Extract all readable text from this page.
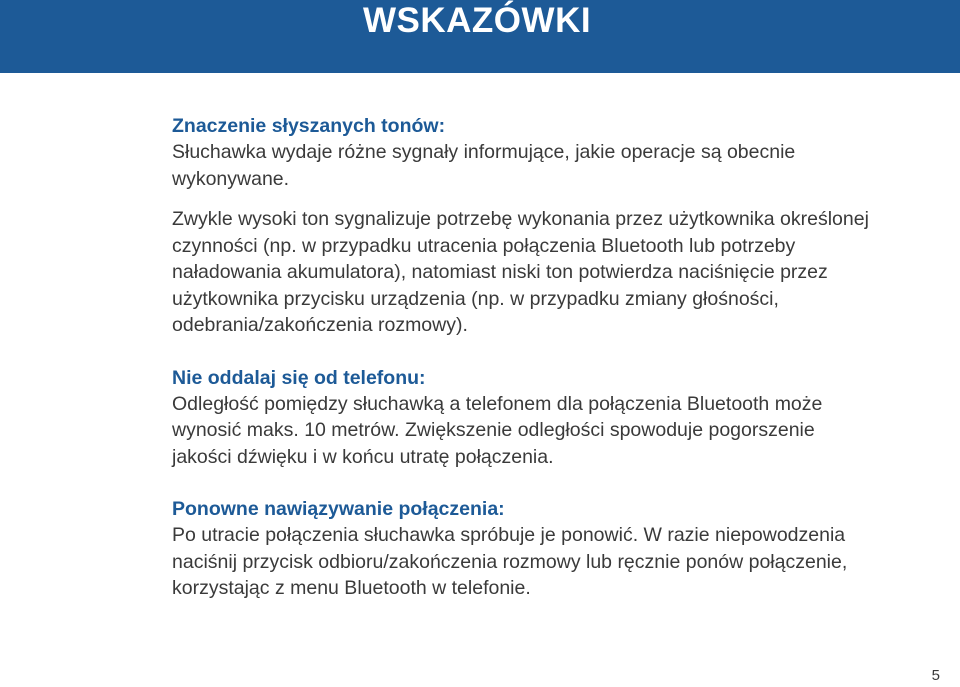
WSKAZÓWKI
Znaczenie słyszanych tonów:

Słuchawka wydaje różne sygnały informujące, jakie operacje są obecnie wykonywane.

Zwykle wysoki ton sygnalizuje potrzebę wykonania przez użytkownika określonej czynności (np. w przypadku utracenia połączenia Bluetooth lub potrzeby naładowania akumulatora), natomiast niski ton potwierdza naciśnięcie przez użytkownika przycisku urządzenia (np. w przypadku zmiany głośności, odebrania/zakończenia rozmowy).

Nie oddalaj się od telefonu:

Odległość pomiędzy słuchawką a telefonem dla połączenia Bluetooth może wynosić maks. 10 metrów. Zwiększenie odległości spowoduje pogorszenie jakości dźwięku i w końcu utratę połączenia.

Ponowne nawiązywanie połączenia:

Po utracie połączenia słuchawka spróbuje je ponowić. W razie niepowodzenia naciśnij przycisk odbioru/zakończenia rozmowy lub ręcznie ponów połączenie, korzystając z menu Bluetooth w telefonie.

5
